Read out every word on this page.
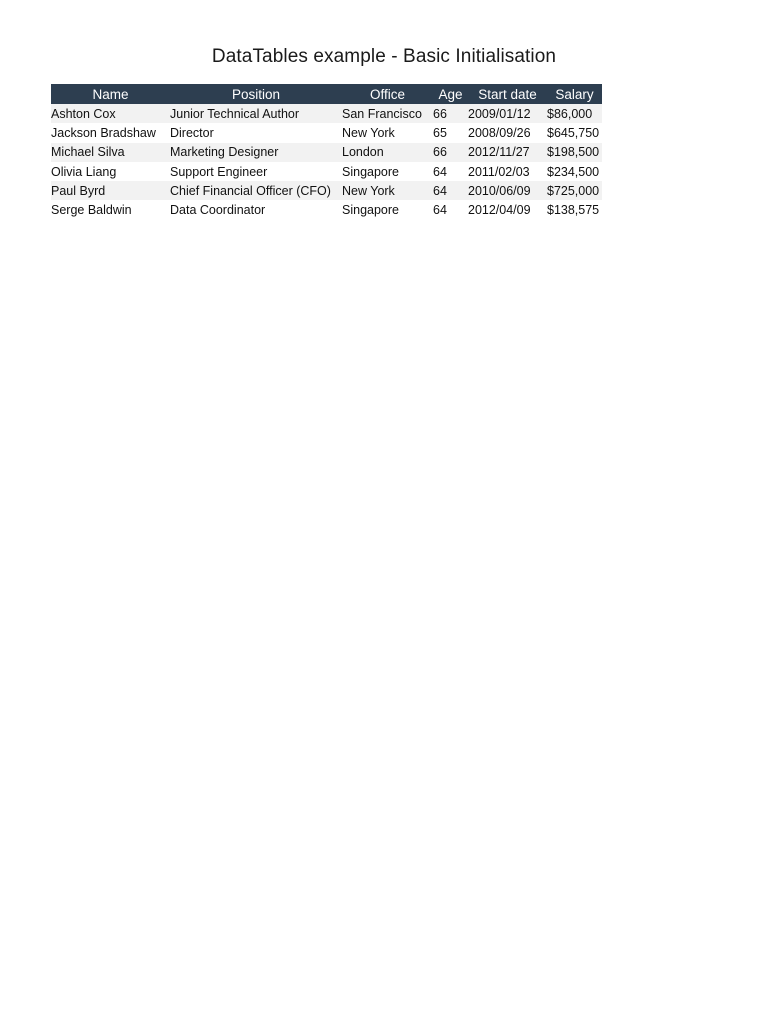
DataTables example - Basic Initialisation
Name	Position	Office	Age	Start date	Salary
Ashton Cox	Junior Technical Author	San Francisco	66	2009/01/12	$86,000
Jackson Bradshaw	Director	New York	65	2008/09/26	$645,750
Michael Silva	Marketing Designer	London	66	2012/11/27	$198,500
Olivia Liang	Support Engineer	Singapore	64	2011/02/03	$234,500
Paul Byrd	Chief Financial Officer (CFO)	New York	64	2010/06/09	$725,000
Serge Baldwin	Data Coordinator	Singapore	64	2012/04/09	$138,575
